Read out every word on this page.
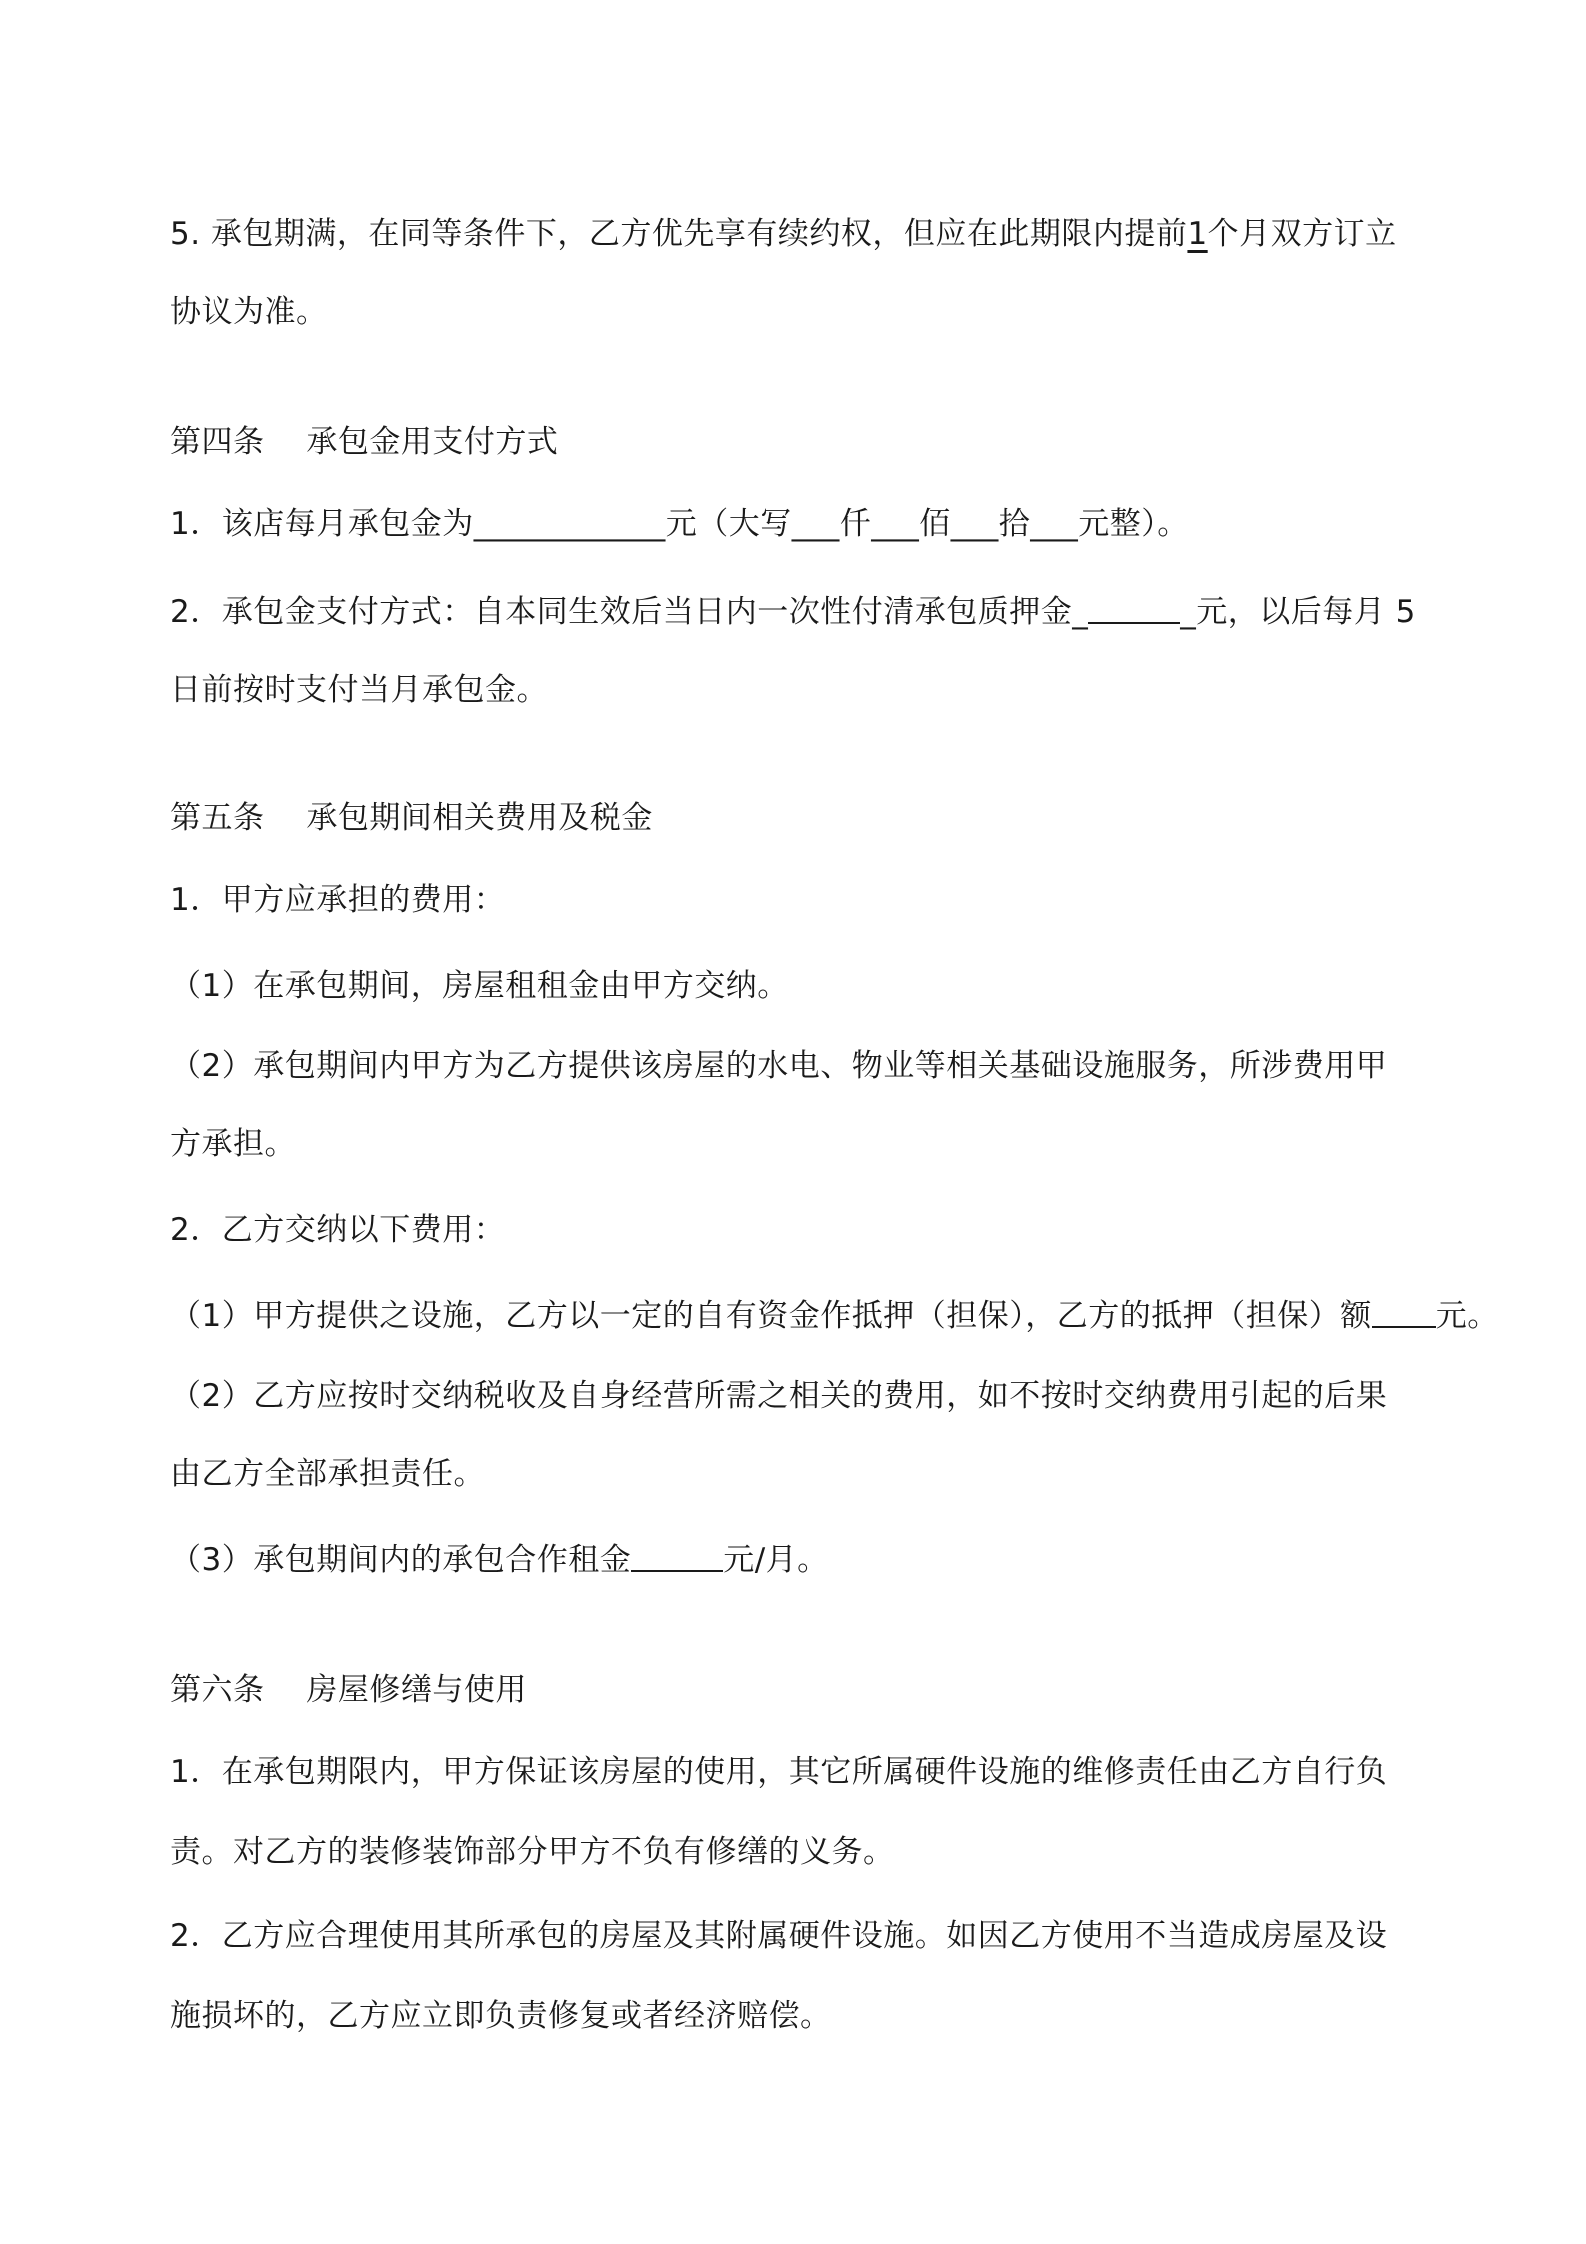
5. 承包期满，在同等条件下，乙方优先享有续约权，但应在此期限内提前1个月双方订立
协议为准。
第四条　 承包金用支付方式
1．该店每月承包金为____________元（大写___仟___佰___拾___元整）。
2．承包金支付方式：自本同生效后当日内一次性付清承包质押金_	_元，以后每月 5
日前按时支付当月承包金。
第五条　 承包期间相关费用及税金
1．甲方应承担的费用：
（1）在承包期间，房屋租租金由甲方交纳。
（2）承包期间内甲方为乙方提供该房屋的水电、物业等相关基础设施服务，所涉费用甲
方承担。
2．乙方交纳以下费用：
（1）甲方提供之设施，乙方以一定的自有资金作抵押（担保），乙方的抵押（担保）额 元。
（2）乙方应按时交纳税收及自身经营所需之相关的费用，如不按时交纳费用引起的后果
由乙方全部承担责任。
（3）承包期间内的承包合作租金	元/月。
第六条　 房屋修缮与使用
1．在承包期限内，甲方保证该房屋的使用，其它所属硬件设施的维修责任由乙方自行负
责。对乙方的装修装饰部分甲方不负有修缮的义务。
2．乙方应合理使用其所承包的房屋及其附属硬件设施。如因乙方使用不当造成房屋及设
施损坏的，乙方应立即负责修复或者经济赔偿。
